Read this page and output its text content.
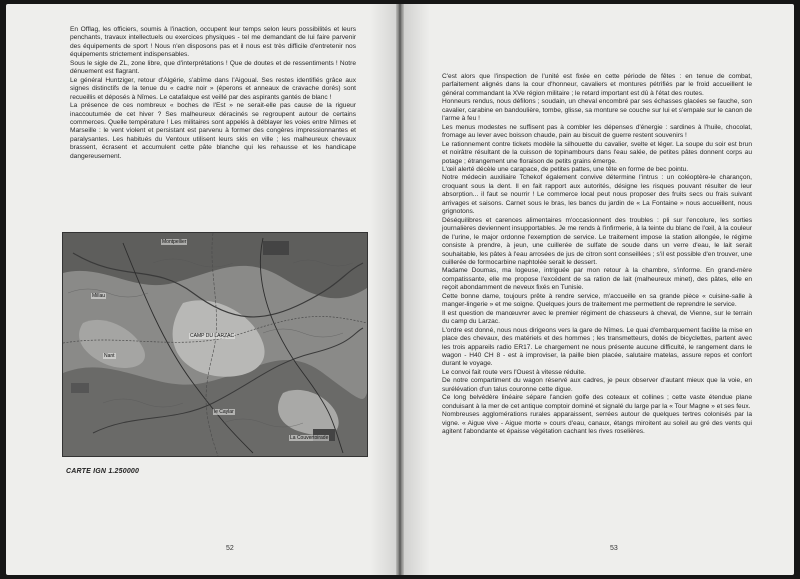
En Offlag, les officiers, soumis à l'inaction, occupent leur temps selon leurs possibilités et leurs penchants, travaux intellectuels ou exercices physiques - tel me demandant de lui faire parvenir des équipements de sport ! Nous n'en disposons pas et il nous est très difficile d'entretenir nos équipements strictement indispensables.

Sous le sigle de ZL, zone libre, que d'interprétations ! Que de doutes et de ressentiments ! Notre dénuement est flagrant.

Le général Huntziger, retour d'Algérie, s'abîme dans l'Aigoual. Ses restes identifiés grâce aux signes distinctifs de la tenue du « cadre noir » (éperons et anneaux de cravache dorés) sont recueillis et déposés à Nîmes. Le catafalque est veillé par des aspirants gantés de blanc !

La présence de ces nombreux « boches de l'Est » ne serait-elle pas cause de la rigueur inaccoutumée de cet hiver ? Ses malheureux déracinés se regroupent autour de certains commerces. Quelle température ! Les militaires sont appelés à déblayer les voies entre Nîmes et Marseille : le vent violent et persistant est parvenu à former des congères impressionnantes et paralysantes. Les habitués du Ventoux utilisent leurs skis en ville ; les malheureux chevaux brassent, écrasent et accumulent cette pâte blanche qui les rehausse et les handicape dangereusement.

Montpellier
CAMP DU LARZAC
La Couvertoirade
le Caylar
Nant
Millau
CARTE IGN 1.250000
52

C'est alors que l'inspection de l'unité est fixée en cette période de fêtes : en tenue de combat, parfaitement alignés dans la cour d'honneur, cavaliers et montures pétrifiés par le froid accueillent le général commandant la XVe région militaire ; le retard important est dû à l'état des routes.

Honneurs rendus, nous défilons ; soudain, un cheval encombré par ses échasses glacées se fauche, son cavalier, carabine en bandoulière, tombe, glisse, sa monture se couche sur lui et s'empale sur le canon de l'arme à feu !

Les menus modestes ne suffisent pas à combler les dépenses d'énergie : sardines à l'huile, chocolat, fromage au lever avec boisson chaude, pain au biscuit de guerre restent souvenirs !

Le rationnement contre tickets modèle la silhouette du cavalier, svelte et léger. La soupe du soir est brun et noirâtre résultant de la cuisson de topinambours dans l'eau salée, de petites pâtes donnent corps au potage ; étrangement une floraison de petits grains émerge.

L'œil alerté décèle une carapace, de petites pattes, une tête en forme de bec pointu.

Notre médecin auxiliaire Tchekof également convive détermine l'intrus : un coléoptère-le charançon, croquant sous la dent. Il en fait rapport aux autorités, désigne les risques pouvant résulter de leur absorption... il faut se nourrir ! Le commerce local peut nous proposer des fruits secs ou frais suivant arrivages et saisons. Carnet sous le bras, les bancs du jardin de « La Fontaine » nous accueillent, nous grignotons.

Déséquilibres et carences alimentaires m'occasionnent des troubles : pli sur l'encolure, les sorties journalières deviennent insupportables. Je me rends à l'infirmerie, à la teinte du blanc de l'œil, à la couleur de l'urine, le major ordonne l'exemption de service. Le traitement impose la station allongée, le régime consiste à prendre, à jeun, une cuillerée de sulfate de soude dans un verre d'eau, le lait serait souhaitable, les pâtes à l'eau arrosées de jus de citron sont conseillées ; s'il est possible d'en trouver, une cuillerée de formocarbine naphtolée serait le dessert.

Madame Doumas, ma logeuse, intriguée par mon retour à la chambre, s'informe. En grand-mère compatissante, elle me propose l'excédent de sa ration de lait (malheureux minet), des pâtes, elle en reçoit abondamment de neveux fixés en Tunisie.

Cette bonne dame, toujours prête à rendre service, m'accueille en sa grande pièce « cuisine-salle à manger-lingerie » et me soigne. Quelques jours de traitement me permettent de reprendre le service.

Il est question de manœuvrer avec le premier régiment de chasseurs à cheval, de Vienne, sur le terrain du camp du Larzac.

L'ordre est donné, nous nous dirigeons vers la gare de Nîmes. Le quai d'embarquement facilite la mise en place des chevaux, des matériels et des hommes ; les transmetteurs, dotés de bicyclettes, partent avec les trois appareils radio ER17. Le chargement ne nous présente aucune difficulté, le rangement dans le wagon - H40 CH 8 - est à improviser, la paille bien placée, salutaire matelas, assure repos et confort durant le voyage.

Le convoi fait route vers l'Ouest à vitesse réduite.

De notre compartiment du wagon réservé aux cadres, je peux observer d'autant mieux que la voie, en surélévation d'un talus couronne cette digue.

Ce long belvédère linéaire sépare l'ancien golfe des coteaux et collines ; cette vaste étendue plane conduisant à la mer de cet antique comptoir dominé et signalé du large par la « Tour Magne » et ses feux.

Nombreuses agglomérations rurales apparaissent, serrées autour de quelques tertres colonisés par la vigne. « Aigue vive - Aigue morte » cours d'eau, canaux, étangs miroitent au soleil au gré des vents qui agitent l'abondante et épaisse végétation cachant les rives roselières.

53
